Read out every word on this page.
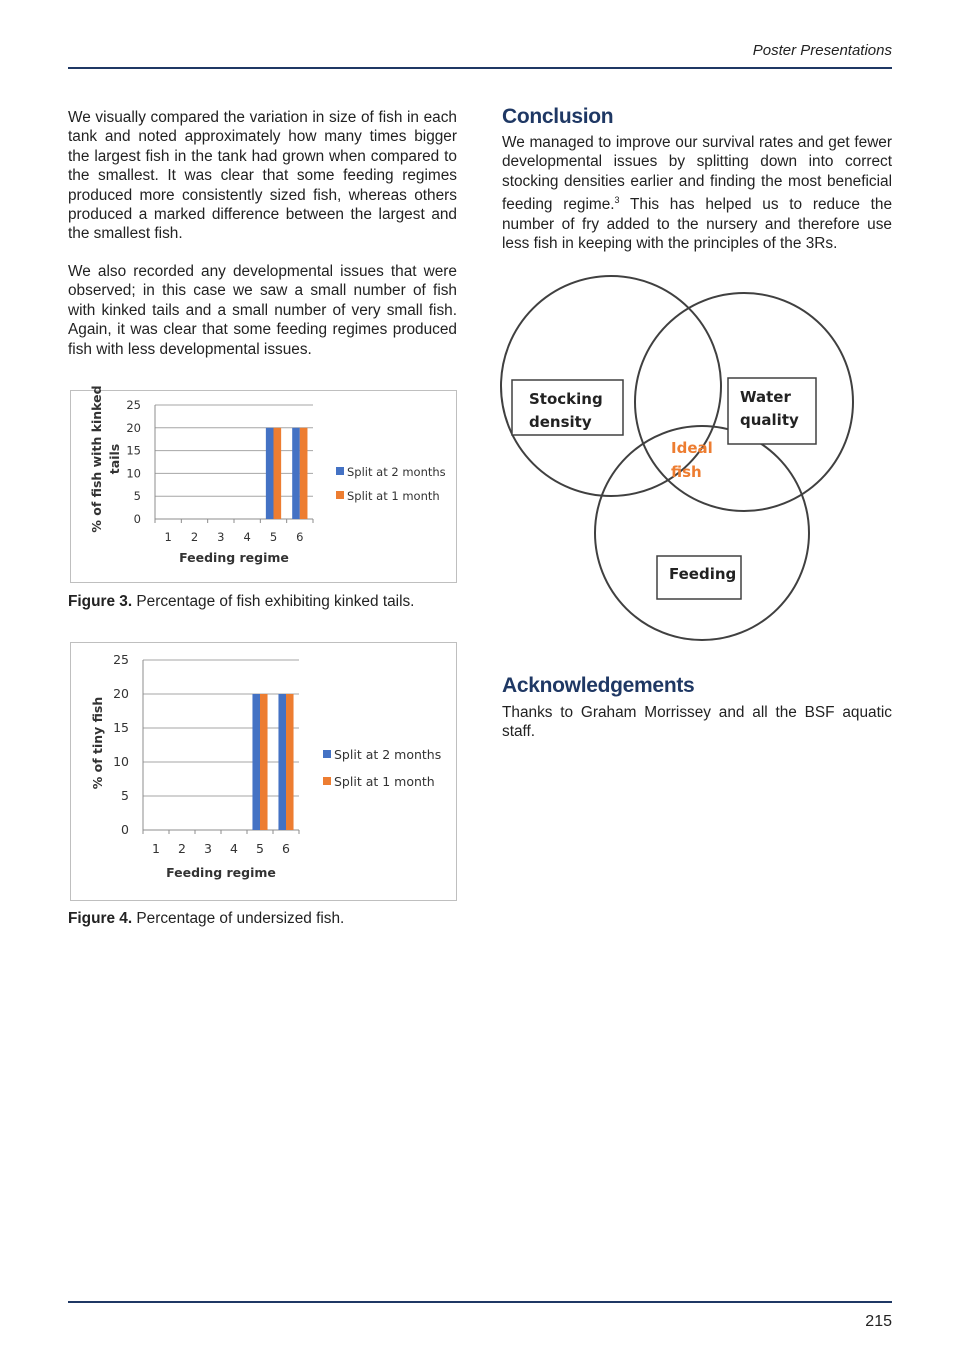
Poster Presentations

We visually compared the variation in size of fish in each tank and noted approximately how many times bigger the largest fish in the tank had grown when compared to the smallest. It was clear that some feeding regimes produced more consistently sized fish, whereas others produced a marked difference between the largest and the smallest fish.

We also recorded any developmental issues that were observed; in this case we saw a small number of fish with kinked tails and a small number of very small fish. Again, it was clear that some feeding regimes produced fish with less developmental issues.

0
5
10
15
20
25
1 2 3 4 5 6
Split at 2 months
Split at 1 month
Feeding regime
% of fish with kinked tails
Figure 3. Percentage of fish exhibiting kinked tails.
0
5
10
15
20
25
1 2 3 4 5 6
Split at 2 months
Split at 1 month
Feeding regime
% of tiny fish
Figure 4. Percentage of undersized fish.
Conclusion

We managed to improve our survival rates and get fewer developmental issues by splitting down into correct stocking densities earlier and finding the most beneficial feeding regime.$^3$ This has helped us to reduce the number of fry added to the nursery and therefore use less fish in keeping with the principles of the 3Rs.

Stocking
density
Water
quality
Ideal
fish
Feeding
Acknowledgements

Thanks to Graham Morrissey and all the BSF aquatic staff.

215
